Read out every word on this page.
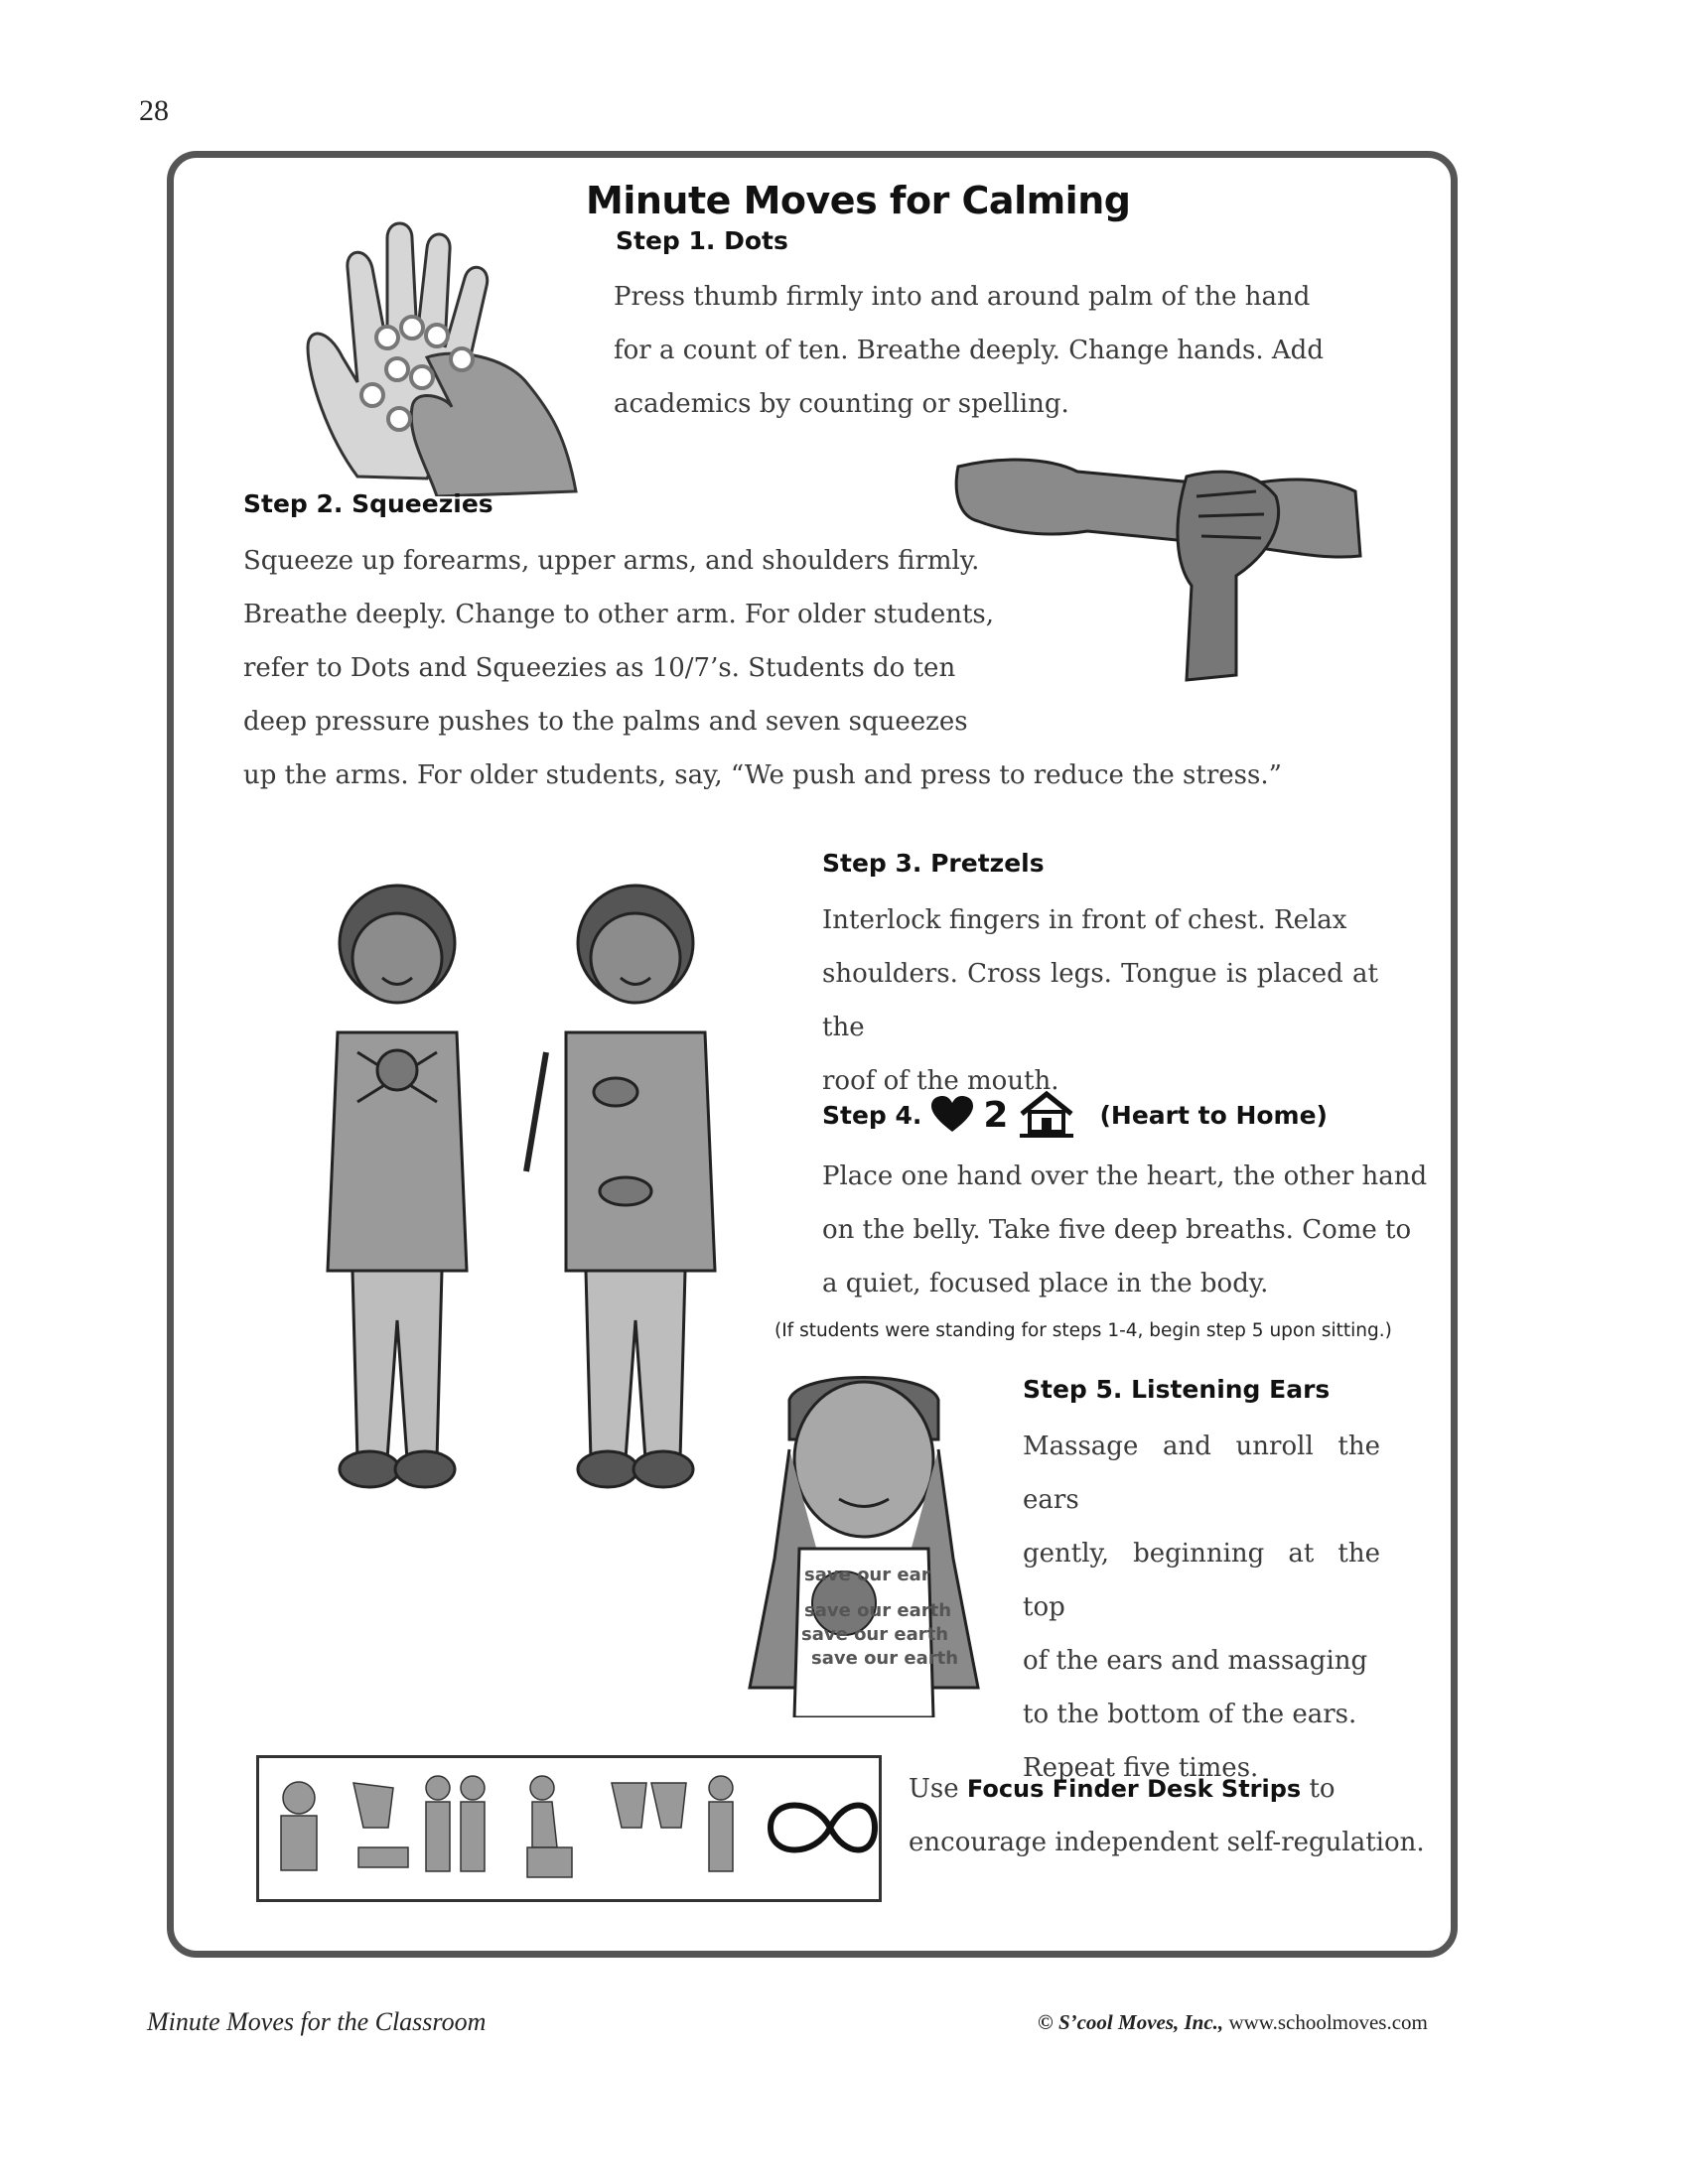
28
Minute Moves for Calming
Step 1. Dots
Press thumb firmly into and around palm of the hand
for a count of ten. Breathe deeply. Change hands. Add
academics by counting or spelling.
Step 2. Squeezies
Squeeze up forearms, upper arms, and shoulders firmly.
Breathe deeply. Change to other arm. For older students,
refer to Dots and Squeezies as 10/7’s. Students do ten
deep pressure pushes to the palms and seven squeezes
up the arms. For older students, say, “We push and press to reduce the stress.”
Step 3. Pretzels
Interlock fingers in front of chest. Relax
shoulders. Cross legs. Tongue is placed at the
roof of the mouth.
Step 4. 2	(Heart to Home)
Place one hand over the heart, the other hand
on the belly. Take five deep breaths. Come to
a quiet, focused place in the body.
(If students were standing for steps 1-4, begin step 5 upon sitting.)
save our ear
save our earth
save our earth
save our earth
Step 5. Listening Ears
Massage and unroll the ears
gently, beginning at the top
of the ears and massaging
to the bottom of the ears.
Repeat five times.
Use Focus Finder Desk Strips to
encourage independent self-regulation.
Minute Moves for the Classroom	© S’cool Moves, Inc., www.schoolmoves.com
